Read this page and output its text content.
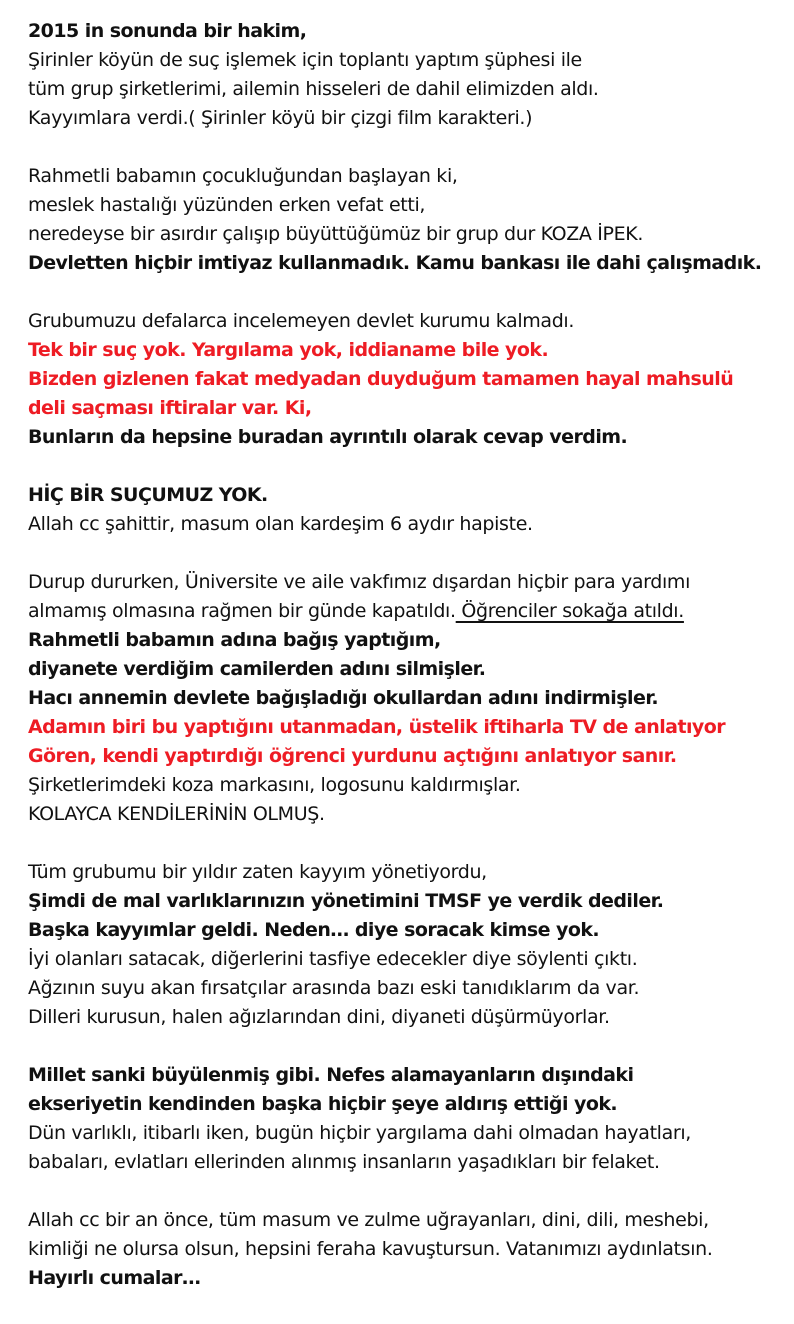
2015 in sonunda bir hakim,
Şirinler köyün de suç işlemek için toplantı yaptım şüphesi ile
tüm grup şirketlerimi, ailemin hisseleri de dahil elimizden aldı.
Kayyımlara verdi.( Şirinler köyü bir çizgi film karakteri.)
Rahmetli babamın çocukluğundan başlayan ki,
meslek hastalığı yüzünden erken vefat etti,
neredeyse bir asırdır çalışıp büyüttüğümüz bir grup dur KOZA İPEK.
Devletten hiçbir imtiyaz kullanmadık. Kamu bankası ile dahi çalışmadık.
Grubumuzu defalarca incelemeyen devlet kurumu kalmadı.
Tek bir suç yok. Yargılama yok, iddianame bile yok.
Bizden gizlenen fakat medyadan duyduğum tamamen hayal mahsulü
deli saçması iftiralar var. Ki,
Bunların da hepsine buradan ayrıntılı olarak cevap verdim.
HİÇ BİR SUÇUMUZ YOK.
Allah cc şahittir, masum olan kardeşim 6 aydır hapiste.
Durup dururken, Üniversite ve aile vakfımız dışardan hiçbir para yardımı
almamış olmasına rağmen bir günde kapatıldı. Öğrenciler sokağa atıldı.
Rahmetli babamın adına bağış yaptığım,
diyanete verdiğim camilerden adını silmişler.
Hacı annemin devlete bağışladığı okullardan adını indirmişler.
Adamın biri bu yaptığını utanmadan, üstelik iftiharla TV de anlatıyor
Gören, kendi yaptırdığı öğrenci yurdunu açtığını anlatıyor sanır.
Şirketlerimdeki koza markasını, logosunu kaldırmışlar.
KOLAYCA KENDİLERİNİN OLMUŞ.
Tüm grubumu bir yıldır zaten kayyım yönetiyordu,
Şimdi de mal varlıklarınızın yönetimini TMSF ye verdik dediler.
Başka kayyımlar geldi. Neden… diye soracak kimse yok.
İyi olanları satacak, diğerlerini tasfiye edecekler diye söylenti çıktı.
Ağzının suyu akan fırsatçılar arasında bazı eski tanıdıklarım da var.
Dilleri kurusun, halen ağızlarından dini, diyaneti düşürmüyorlar.
Millet sanki büyülenmiş gibi. Nefes alamayanların dışındaki
ekseriyetin kendinden başka hiçbir şeye aldırış ettiği yok.
Dün varlıklı, itibarlı iken, bugün hiçbir yargılama dahi olmadan hayatları,
babaları, evlatları ellerinden alınmış insanların yaşadıkları bir felaket.
Allah cc bir an önce, tüm masum ve zulme uğrayanları, dini, dili, meshebi,
kimliği ne olursa olsun, hepsini feraha kavuştursun. Vatanımızı aydınlatsın.
Hayırlı cumalar…
